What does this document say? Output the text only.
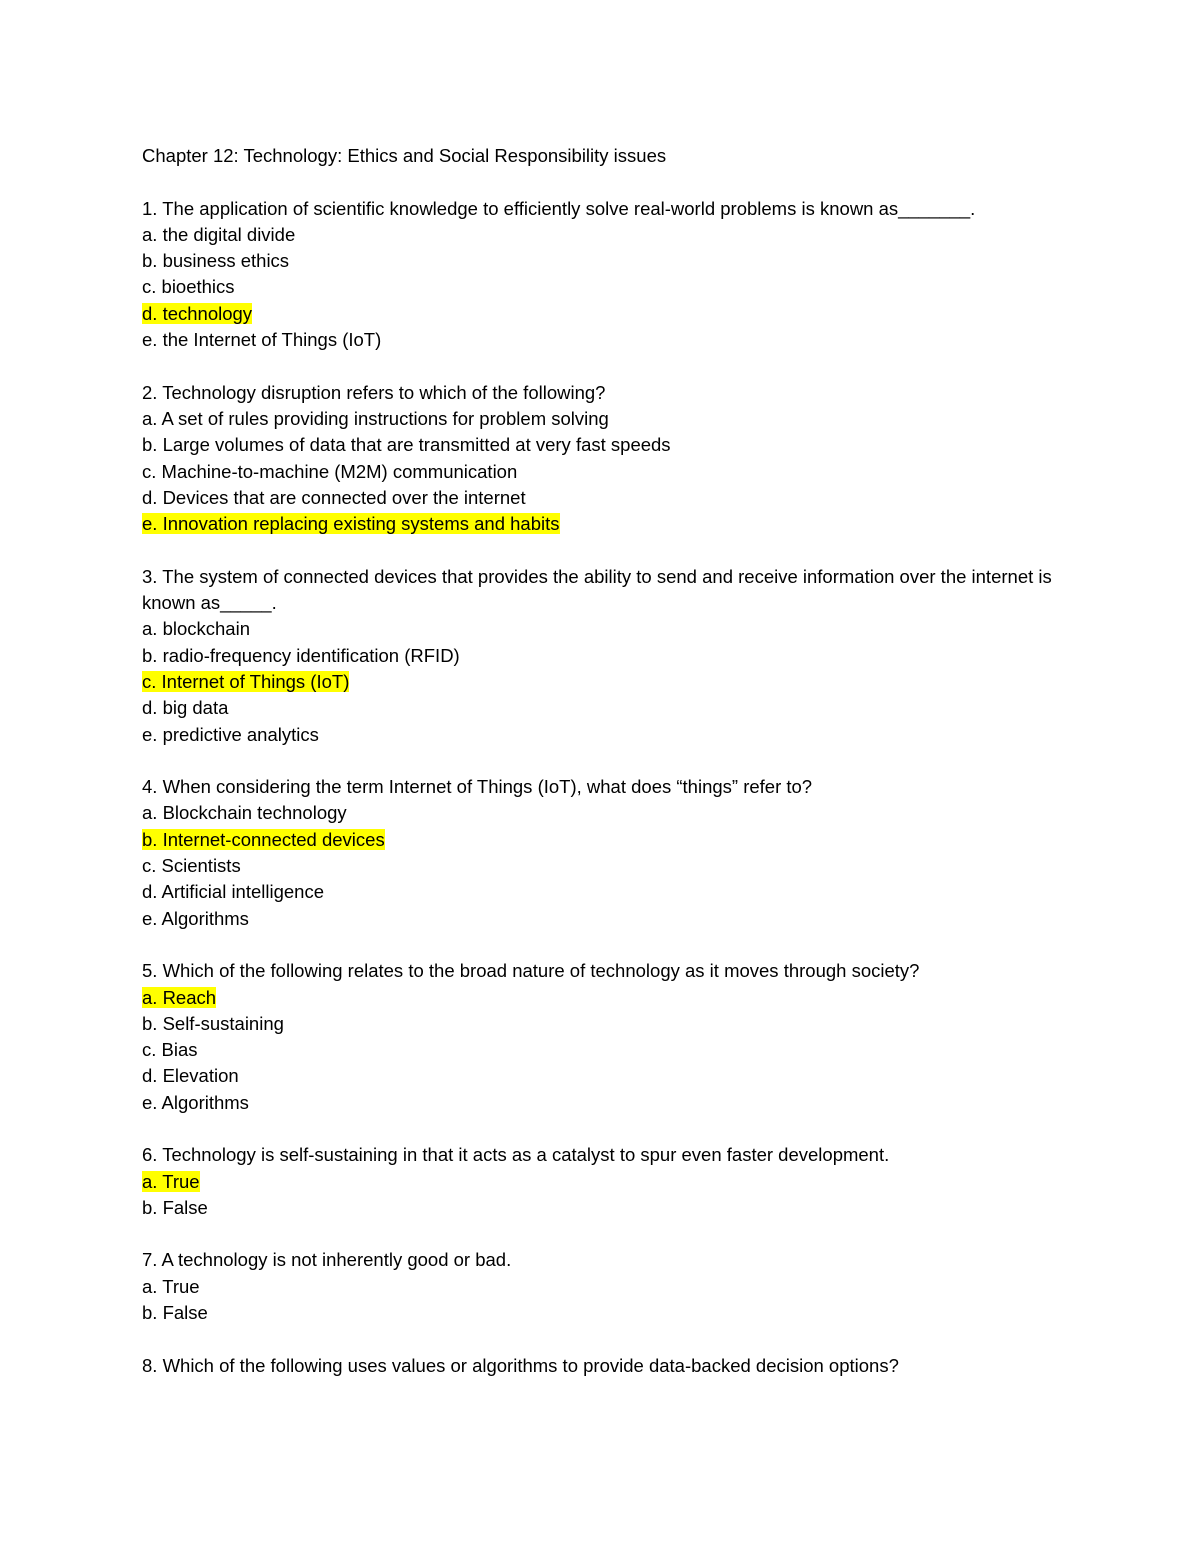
Chapter 12: Technology: Ethics and Social Responsibility issues
1. The application of scientific knowledge to efficiently solve real-world problems is known as_______.
a. the digital divide
b. business ethics
c. bioethics
d. technology
e. the Internet of Things (IoT)
2. Technology disruption refers to which of the following?
a. A set of rules providing instructions for problem solving
b. Large volumes of data that are transmitted at very fast speeds
c. Machine-to-machine (M2M) communication
d. Devices that are connected over the internet
e. Innovation replacing existing systems and habits
3. The system of connected devices that provides the ability to send and receive information over the internet is known as_____.
a. blockchain
b. radio-frequency identification (RFID)
c. Internet of Things (IoT)
d. big data
e. predictive analytics
4. When considering the term Internet of Things (IoT), what does “things” refer to?
a. Blockchain technology
b. Internet-connected devices
c. Scientists
d. Artificial intelligence
e. Algorithms
5. Which of the following relates to the broad nature of technology as it moves through society?
a. Reach
b. Self-sustaining
c. Bias
d. Elevation
e. Algorithms
6. Technology is self-sustaining in that it acts as a catalyst to spur even faster development.
a. True
b. False
7. A technology is not inherently good or bad.
a. True
b. False
8. Which of the following uses values or algorithms to provide data-backed decision options?
